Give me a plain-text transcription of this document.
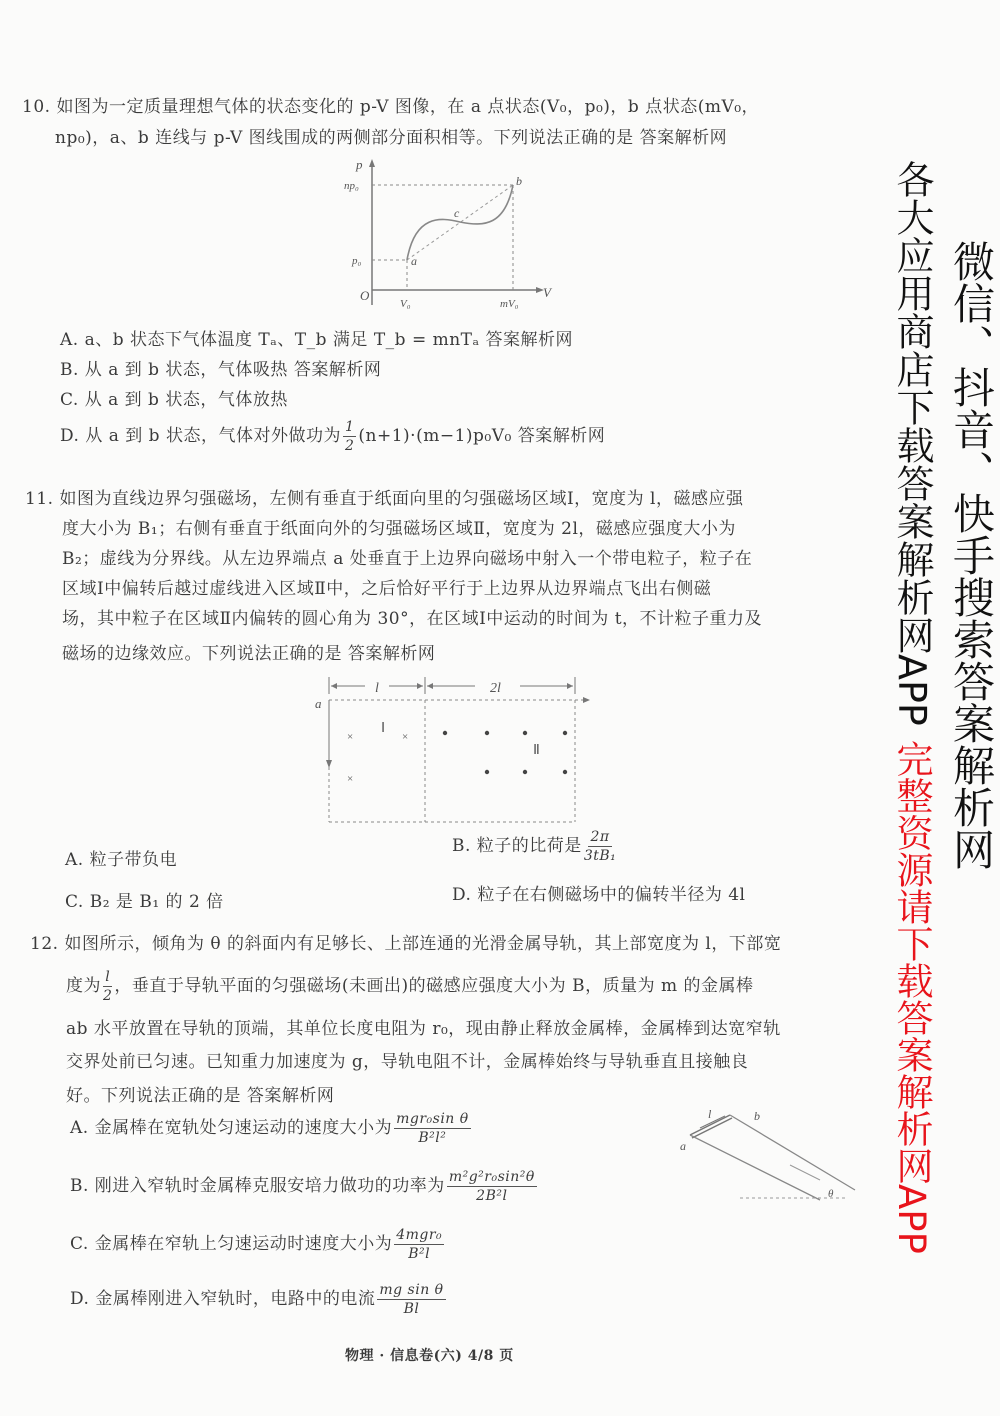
10. 如图为一定质量理想气体的状态变化的 p-V 图像，在 a 点状态(V₀，p₀)，b 点状态(mV₀，
np₀)，a、b 连线与 p-V 图线围成的两侧部分面积相等。下列说法正确的是 答案解析网
p
V
O
np₀
p₀
V₀	mV₀
a
b
c
A. a、b 状态下气体温度 Tₐ、T_b 满足 T_b = mnTₐ 答案解析网
B. 从 a 到 b 状态，气体吸热 答案解析网
C. 从 a 到 b 状态，气体放热
D. 从 a 到 b 状态，气体对外做功为 $\frac{1}{2} (n+1)\cdot(m-1)p_0V_0$ 答案解析网
11. 如图为直线边界匀强磁场，左侧有垂直于纸面向里的匀强磁场区域Ⅰ，宽度为 l，磁感应强
度大小为 B₁；右侧有垂直于纸面向外的匀强磁场区域Ⅱ，宽度为 2l，磁感应强度大小为
B₂；虚线为分界线。从左边界端点 a 处垂直于上边界向磁场中射入一个带电粒子，粒子在
区域Ⅰ中偏转后越过虚线进入区域Ⅱ中，之后恰好平行于上边界从边界端点飞出右侧磁
场，其中粒子在区域Ⅱ内偏转的圆心角为 30°，在区域Ⅰ中运动的时间为 t，不计粒子重力及
磁场的边缘效应。下列说法正确的是 答案解析网
l	2l
a
Ⅰ
Ⅱ
×	×
×
A. 粒子带负电
B. 粒子的比荷是 $\frac{2\pi}{\text{3tB₁}}$
C. B₂ 是 B₁ 的 2 倍	D. 粒子在右侧磁场中的偏转半径为 4l
12. 如图所示，倾角为 θ 的斜面内有足够长、上部连通的光滑金属导轨，其上部宽度为 l，下部宽
度为 $\frac{l}{2}$ ，垂直于导轨平面的匀强磁场(未画出)的磁感应强度大小为 B，质量为 m 的金属棒
ab 水平放置在导轨的顶端，其单位长度电阻为 r₀，现由静止释放金属棒，金属棒到达宽窄轨
交界处前已匀速。已知重力加速度为 g，导轨电阻不计，金属棒始终与导轨垂直且接触良
好。下列说法正确的是 答案解析网
A. 金属棒在宽轨处匀速运动的速度大小为 $\frac{\text{mgr₀sin θ}}{\text{B²l²}}$
B. 刚进入窄轨时金属棒克服安培力做功的功率为 $\frac{\text{m²g²r₀sin²θ}}{\text{2B²l}}$
C. 金属棒在窄轨上匀速运动时速度大小为 $\frac{\text{4mgr₀}}{\text{B²l}}$
D. 金属棒刚进入窄轨时，电路中的电流 $\frac{\text{mg sin θ}}{Bl}$
l
a
b
θ
物理 · 信息卷(六) 4/8 页
各大应用商店下载答案解析网APP
完整资源请下载答案解析网APP
微信、抖音、快手搜索答案解析网
